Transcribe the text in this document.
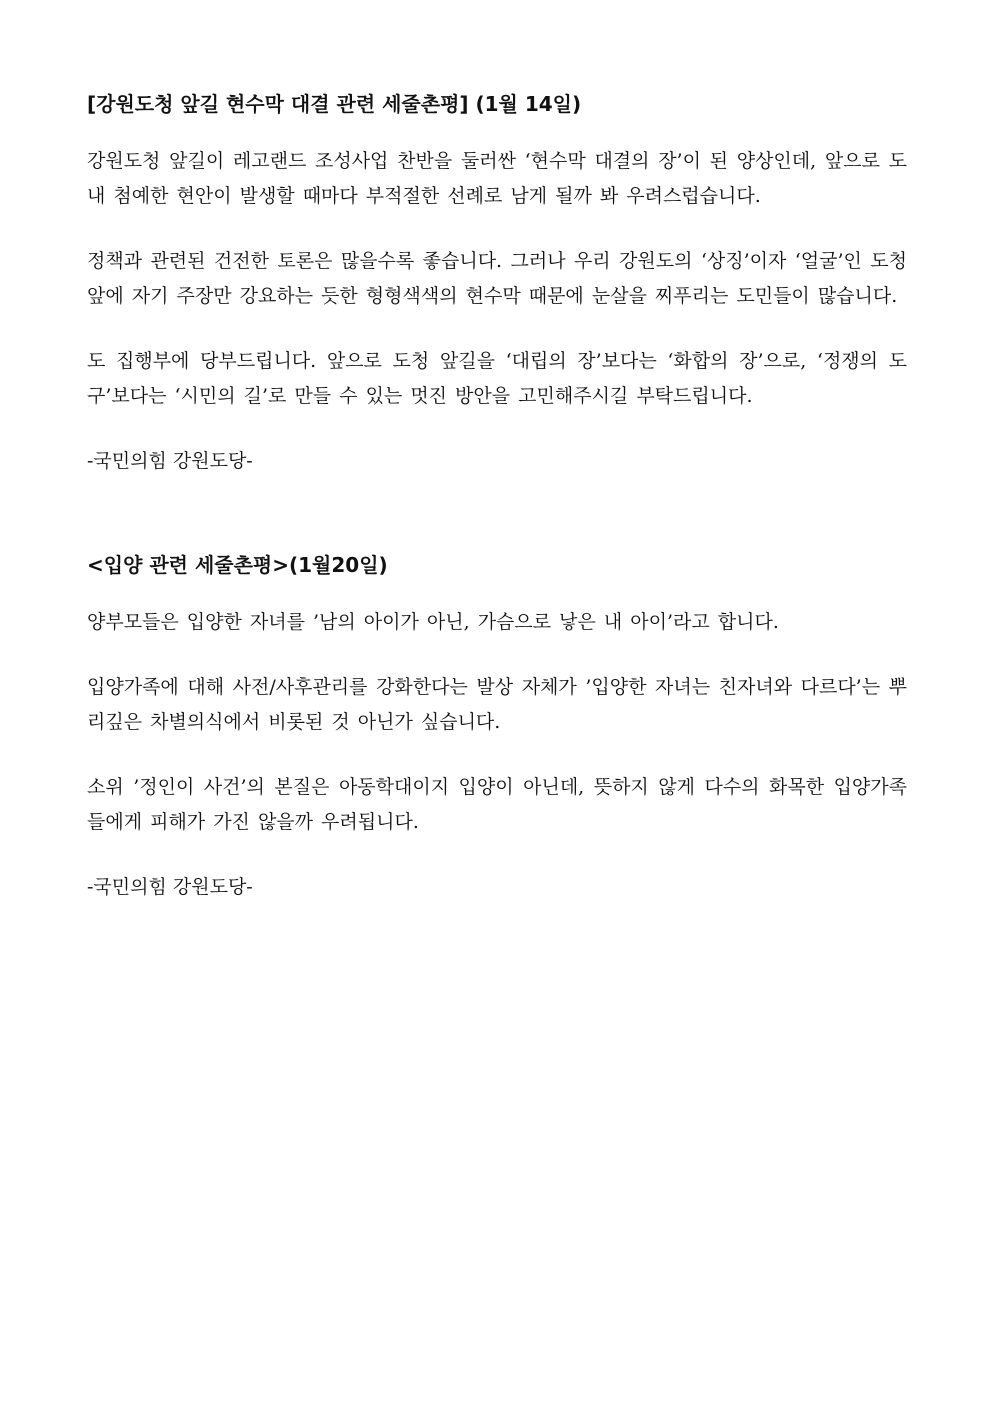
[강원도청 앞길 현수막 대결 관련 세줄촌평] (1월 14일)

강원도청 앞길이 레고랜드 조성사업 찬반을 둘러싼 ‘현수막 대결의 장’이 된 양상인데, 앞으로 도내 첨예한 현안이 발생할 때마다 부적절한 선례로 남게 될까 봐 우려스럽습니다.

정책과 관련된 건전한 토론은 많을수록 좋습니다. 그러나 우리 강원도의 ‘상징’이자 ‘얼굴’인 도청 앞에 자기 주장만 강요하는 듯한 형형색색의 현수막 때문에 눈살을 찌푸리는 도민들이 많습니다.

도 집행부에 당부드립니다. 앞으로 도청 앞길을 ‘대립의 장’보다는 ‘화합의 장’으로, ‘정쟁의 도구’보다는 ‘시민의 길’로 만들 수 있는 멋진 방안을 고민해주시길 부탁드립니다.

-국민의힘 강원도당-

<입양 관련 세줄촌평>(1월20일)

양부모들은 입양한 자녀를 ’남의 아이가 아닌, 가슴으로 낳은 내 아이’라고 합니다.

입양가족에 대해 사전/사후관리를 강화한다는 발상 자체가 ’입양한 자녀는 친자녀와 다르다’는 뿌리깊은 차별의식에서 비롯된 것 아닌가 싶습니다.

소위 ’정인이 사건’의 본질은 아동학대이지 입양이 아닌데, 뜻하지 않게 다수의 화목한 입양가족들에게 피해가 가진 않을까 우려됩니다.

-국민의힘 강원도당-
